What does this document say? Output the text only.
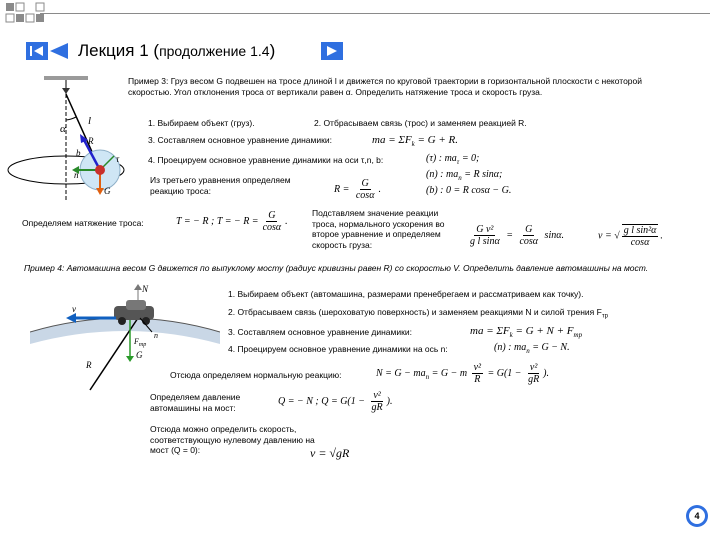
Лекция 1 (продолжение 1.4)
α
l
b
n
R
G
τ
Пример 3: Груз весом G подвешен на тросе длиной l и движется по круговой траектории в горизонтальной плоскости с некоторой скоростью. Угол отклонения троса от вертикали равен α. Определить натяжение троса и скорость груза.
1. Выбираем объект (груз).	2. Отбрасываем связь (трос) и заменяем реакцией R.
3. Составляем основное уравнение динамики:	ma = $\Sigma F_k = G + R$.
4. Проецируем основное уравнение динамики на оси τ,n, b:	(τ) : $ma_\tau = 0$;
(n) : $ma_n = R$ sinα;
(b) : 0 = R cosα − G.
Из третьего уравнения определяем реакцию троса:	$R = \frac{G}{\cos\alpha}$ .
Определяем натяжение троса:	T = − R ; T = − $R = \frac{G}{\cos\alpha}$ .
Подставляем значение реакции троса, нормального ускорения во второе уравнение и определяем скорость груза:	$\frac{\text{G v²}}{\text{g l sinα}} = \frac{G}{\cos\alpha} \sin\alpha$.	v = √ $\frac{\text{g l sin²α}}{\cos\alpha}$ .
Пример 4: Автомашина весом G движется по выпуклому мосту (радиус кривизны равен R) со скоростью V. Определить давление автомашины на мост.
N
v
$F_{тр}$
G
R
n
1. Выбираем объект (автомашина, размерами пренебрегаем и рассматриваем как точку).
2. Отбрасываем связь (шероховатую поверхность) и заменяем реакциями N и силой трения $F_{тр}$
3. Составляем основное уравнение динамики:	ma = $\Sigma F_k = G + N + F_{тр}$
4. Проецируем основное уравнение динамики на ось n:	(n) : $ma_n = G - N$.
Отсюда определяем нормальную реакцию:	$N = G - ma_n = G - m \frac{\text{v²}}{R} = G(1 - \frac{\text{v²}}{gR}$ ).
Определяем давление автомашины на мост:
Q = − N ; $Q = G(1 - \frac{\text{v²}}{gR}$ ).
Отсюда можно определить скорость, соответствующую нулевому давлению на мост (Q = 0):	v = √gR
4
